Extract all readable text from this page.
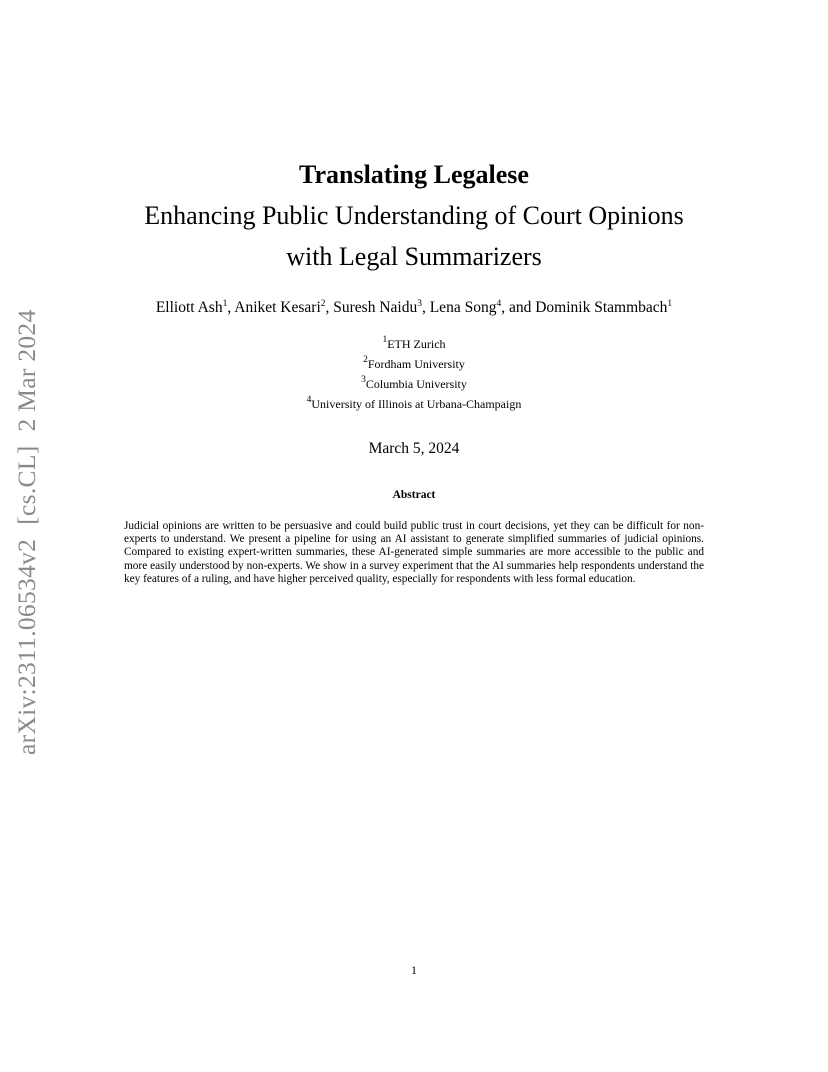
arXiv:2311.06534v2[cs.CL]2 Mar 2024
Translating Legalese
Enhancing Public Understanding of Court Opinions
with Legal Summarizers
Elliott Ash$^1$, Aniket Kesari$^2$, Suresh Naidu$^3$, Lena Song$^4$, and Dominik Stammbach$^1$
$^1$ETH Zurich
$^2$Fordham University
$^3$Columbia University
$^4$University of Illinois at Urbana-Champaign
March 5, 2024
Abstract
Judicial opinions are written to be persuasive and could build public trust in court decisions, yet they can be difficult for non-experts to understand. We present a pipeline for using an AI assistant to generate simplified summaries of judicial opinions. Compared to existing expert-written summaries, these AI-generated simple summaries are more accessible to the public and more easily understood by non-experts. We show in a survey experiment that the AI summaries help respondents understand the key features of a ruling, and have higher perceived quality, especially for respondents with less formal education.
1
